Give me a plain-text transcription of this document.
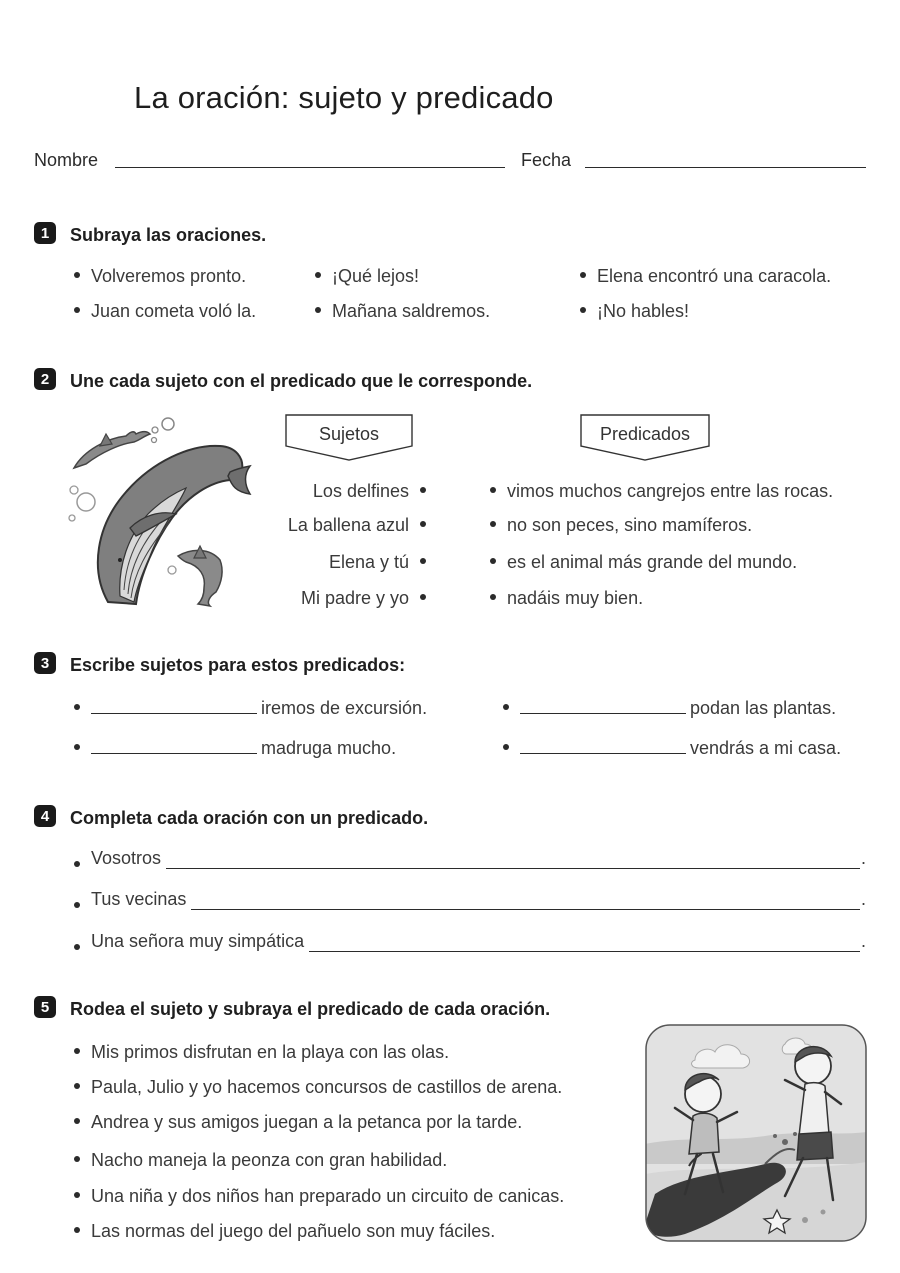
La oración: sujeto y predicado
Nombre	Fecha
1	Subraya las oraciones.
Volveremos pronto.	¡Qué lejos!	Elena encontró una caracola.
Juan cometa voló la.	Mañana saldremos.	¡No hables!
2	Une cada sujeto con el predicado que le corresponde.
Sujetos	Predicados
Los delfines
La ballena azul
Elena y tú
Mi padre y yo
vimos muchos cangrejos entre las rocas.
no son peces, sino mamíferos.
es el animal más grande del mundo.
nadáis muy bien.
3	Escribe sujetos para estos predicados:
iremos de excursión.	podan las plantas.
madruga mucho.	vendrás a mi casa.
4	Completa cada oración con un predicado.
Vosotros	.
Tus vecinas	.
Una señora muy simpática	.
5	Rodea el sujeto y subraya el predicado de cada oración.
Mis primos disfrutan en la playa con las olas.
Paula, Julio y yo hacemos concursos de castillos de arena.
Andrea y sus amigos juegan a la petanca por la tarde.
Nacho maneja la peonza con gran habilidad.
Una niña y dos niños han preparado un circuito de canicas.
Las normas del juego del pañuelo son muy fáciles.
